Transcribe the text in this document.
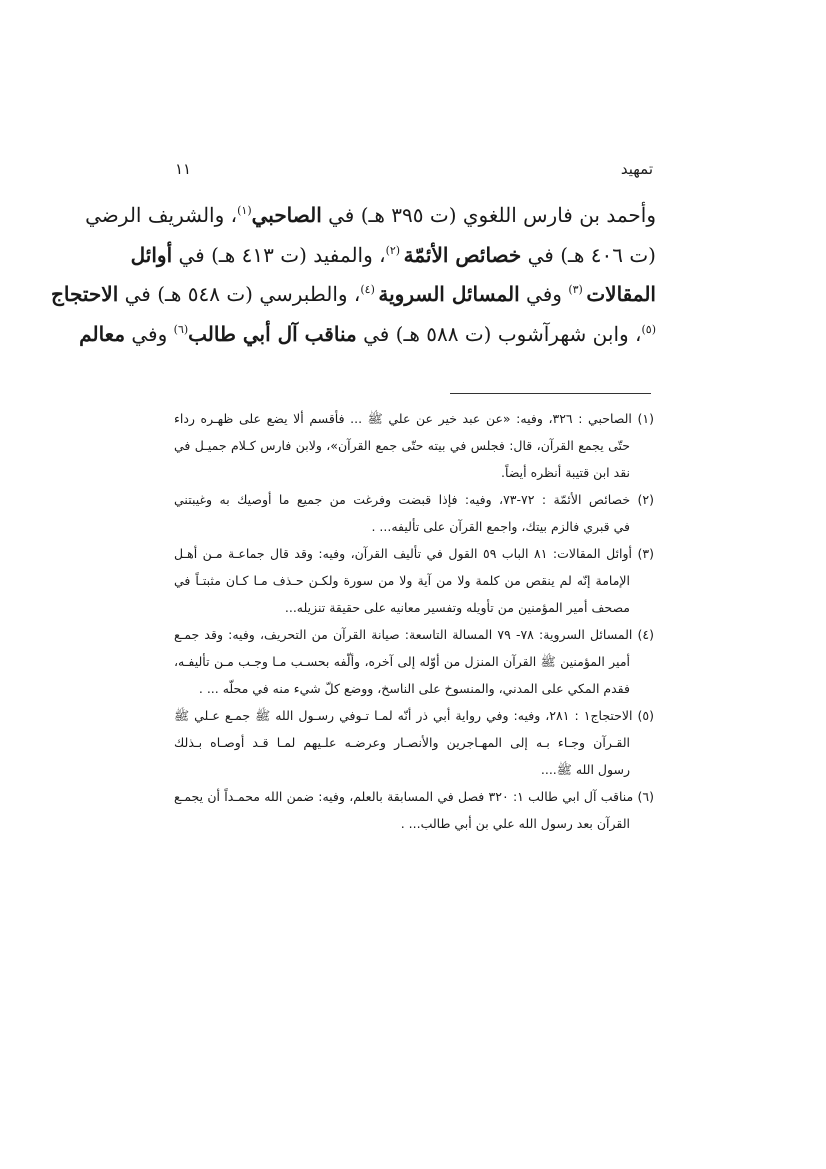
تمهيد
١١
وأحمد بن فارس اللغوي (ت ٣٩٥ هـ) في الصاحبي$^{(١)}$، والشريف الرضي
(ت ٤٠٦ هـ) في خصائص الأئمّة $^{(٢)}$، والمفيد (ت ٤١٣ هـ) في أوائل
المقالات $^{(٣)}$ وفي المسائل السروية $^{(٤)}$، والطبرسي (ت ٥٤٨ هـ) في الاحتجاج
$^{(٥)}$، وابن شهرآشوب (ت ٥٨٨ هـ) في مناقب آل أبي طالب$^{(٦)}$ وفي معالم
(١) الصاحبي : ٣٢٦، وفيه: «عن عبد خير عن علي ﷺ ... فأقسم ألا يضع على ظهـره رداء
حتّى يجمع القرآن، قال: فجلس في بيته حتّى جمع القرآن»، ولابن فارس كـلام جميـل في
نقد ابن قتيبة أنظره أيضاً.
(٢) خصائص الأئمّة : ٧٢-٧٣، وفيه: فإذا قبضت وفرغت من جميع ما أوصيك به وغيبتني
في قبري فالزم بيتك، واجمع القرآن على تأليفه... .
(٣) أوائل المقالات: ٨١ الباب ٥٩ القول في تأليف القرآن، وفيه: وقد قال جماعـة مـن أهـل
الإمامة إنّه لم ينقص من كلمة ولا من آية ولا من سورة ولكـن حـذف مـا كـان مثبتـاً في
مصحف أمير المؤمنين من تأويله وتفسير معانيه على حقيقة تنزيله...
(٤) المسائل السروية: ٧٨- ٧٩ المسالة التاسعة: صيانة القرآن من التحريف، وفيه: وقد جمـع
أمير المؤمنين ﷺ القرآن المنزل من أوّله إلى آخره، وألّفه بحسـب مـا وجـب مـن تأليفـه،
فقدم المكي على المدني، والمنسوخ على الناسخ، ووضع كلّ شيء منه في محلّه ... .
(٥) الاحتجاج١ : ٢٨١، وفيه: وفي رواية أبي ذر أنّه لمـا تـوفي رسـول الله ﷺ جمـع عـلي ﷺ
القـرآن وجـاء بـه إلى المهـاجرين والأنصـار وعرضـه علـيهم لمـا قـد أوصـاه بـذلك
رسول الله ﷺ....
(٦) مناقب آل ابي طالب ١: ٣٢٠ فصل في المسابقة بالعلم، وفيه: ضمن الله محمـداً أن يجمـع
القرآن بعد رسول الله علي بن أبي طالب... .
